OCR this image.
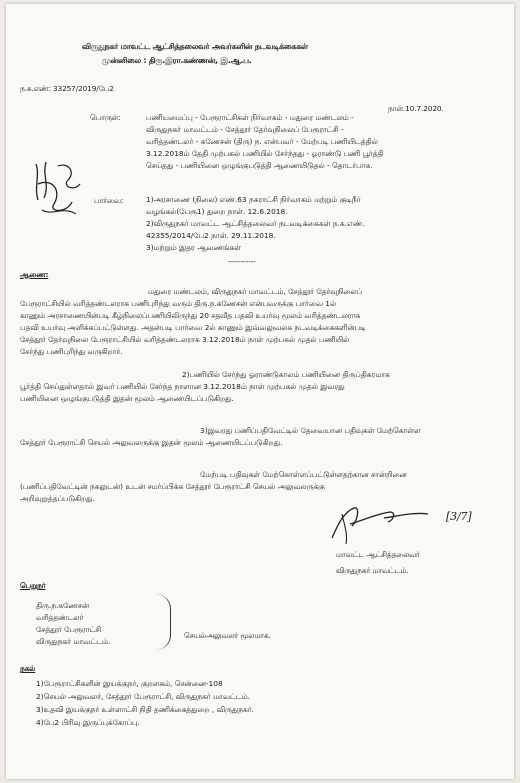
விருதுநகர் மாவட்ட ஆட்சித்தலைவர் அவர்களின் நடவடிக்கைகள்
முன்னிலை : திரு.இரா.கண்ணன், இ.ஆ.ப.
ந.க.எண்: 33257/2019/பே2
நாள்.10.7.2020.
பொருள்:	பணியமைப்பு - பேரூராட்சிகள் நிர்வாகம் - மதுரை மண்டலம் -
விருதுநகர் மாவட்டம் - சேத்தூர் தேர்வுநிலைப் பேரூராட்சி -
வரித்தண்டலர் - கணேசன் (திரு) ந. என்பவர் - மேற்படி பணியிடத்தில்
3.12.2018ம் தேதி முற்பகல் பணியில் சேர்ந்தது - ஓராண்டு பணி பூர்த்தி
செய்தது - பணியினை ஒழுங்குபடுத்தி ஆணையிடுதல் - தொடர்பாக.
பார்வை:	1)அரசாணை (நிலை) எண்.63 நகராட்சி நிர்வாகம் மற்றும் குடிநீர்
வழங்கல்(பேரூ1) துறை நாள். 12.6.2018.
2)விருதுநகர் மாவட்ட ஆட்சித்தலைவர் நடவடிக்கைகள் ந.க.எண்.
42355/2014/பே2 நாள். 29.11.2018.
3)மற்றும் இதர ஆவணங்கள்
-----------
ஆணை:
மதுரை மண்டலம், விருதுநகர் மாவட்டம், சேத்தூர் தேர்வுநிலைப்
பேரூராட்சியில் வரித்தண்டலராக பணிபுரிந்து வரும் திரு.ந.கணேசன் என்பவருக்கு பார்வை 1ல்
காணும் அரசாணையின்படி கீழ்நிலைப்பணியிலிருந்து 20 சதவீத பதவி உயர்வு மூலம் வரித்தண்டலராக
பதவி உயர்வு அளிக்கப்பட்டுள்ளது. அதன்படி பார்வை 2ல் காணும் இவ்வலுவலக நடவடிக்கைகளின்படி
சேத்தூர் தேர்வுநிலை பேரூராட்சியில் வரித்தண்டலராக 3.12.2018ம் நாள் முற்பகல் முதல் பணியில்
சேர்ந்து பணிபுரிந்து வருகிறார்.
2)பணியில் சேர்ந்து ஓராண்டுகாலம் பணியினை திருப்திகரமாக
பூர்த்தி செய்துள்ளதால் இவர் பணியில் சேர்ந்த நாளான 3.12.2018ம் நாள் முற்பகல் முதல் இவரது
பணியினை ஒழுங்குபடுத்தி இதன் மூலம் ஆணையிடப்படுகிறது.
3)இவரது பணிப்பதிவேட்டில் தேவையான பதிவுகள் மேற்கொள்ள
சேத்தூர் பேரூராட்சி செயல் அலுவலருக்கு இதன் மூலம் ஆணையிடப்படுகிறது.
மேற்படி பதிவுகள் மேற்கொள்ளப்பட்டுள்ளதற்கான சான்றினை
(பணிப்பதிவேட்டின் நகலுடன்) உடன் சமர்ப்பிக்க சேத்தூர் பேரூராட்சி செயல் அலுவலருக்கு
அறிவுறுத்தப்படுகிறது.
[3/7]
மாவட்ட ஆட்சித்தலைவர்
விருதுநகர் மாவட்டம்.
பெறுநர்
திரு.ந.கணேசன்
வரித்தண்டலர்
சேத்தூர் பேரூராட்சி
விருதுநகர் மாவட்டம்.
செயல்அலுவலர் மூலமாக.
நகல்
1)பேரூராட்சிகளின் இயக்குநர், குறளகம், சென்னை-108
2)செயல் அலுவலர், சேத்தூர் பேரூராட்சி, விருதுநகர் மாவட்டம்.
3)உதவி இயக்குநர் உள்ளாட்சி நிதி தணிக்கைத்துறை , விருதுநகர்.
4)பே2 பிரிவு இருப்புக்கோப்பு.
